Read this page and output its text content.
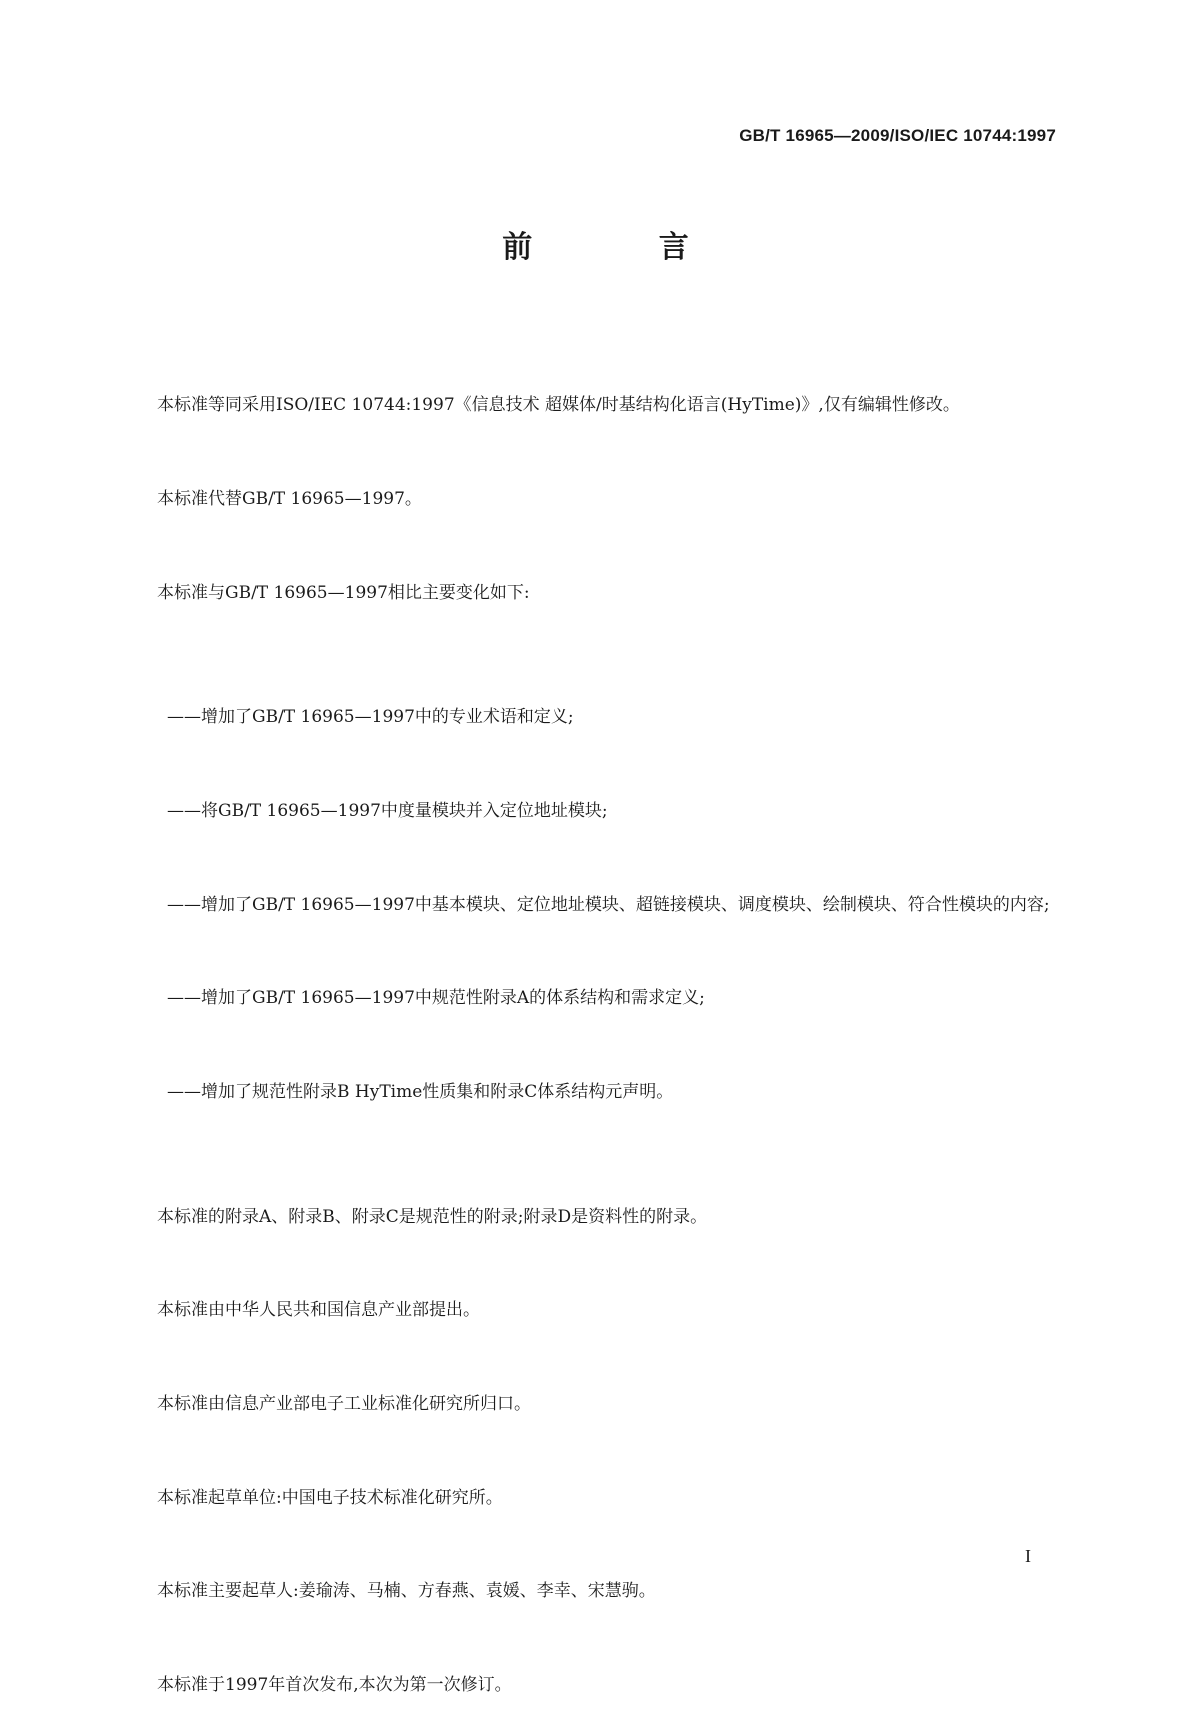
GB/T 16965—2009/ISO/IEC 10744:1997
前 言

本标准等同采用ISO/IEC 10744:1997《信息技术 超媒体/时基结构化语言(HyTime)》,仅有编辑性修改。

本标准代替GB/T 16965—1997。

本标准与GB/T 16965—1997相比主要变化如下:

——增加了GB/T 16965—1997中的专业术语和定义;

——将GB/T 16965—1997中度量模块并入定位地址模块;

——增加了GB/T 16965—1997中基本模块、定位地址模块、超链接模块、调度模块、绘制模块、符合性模块的内容;

——增加了GB/T 16965—1997中规范性附录A的体系结构和需求定义;

——增加了规范性附录B HyTime性质集和附录C体系结构元声明。

本标准的附录A、附录B、附录C是规范性的附录;附录D是资料性的附录。

本标准由中华人民共和国信息产业部提出。

本标准由信息产业部电子工业标准化研究所归口。

本标准起草单位:中国电子技术标准化研究所。

本标准主要起草人:姜瑜涛、马楠、方春燕、袁媛、李幸、宋慧驹。

本标准于1997年首次发布,本次为第一次修订。

I
